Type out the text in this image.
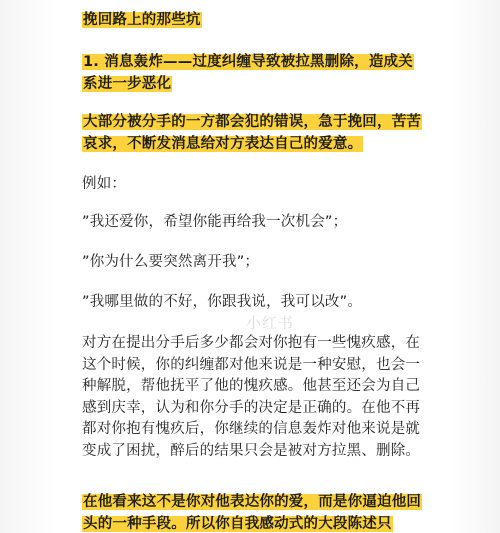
挽回路上的那些坑

1. 消息轰炸——过度纠缠导致被拉黑删除，造成关系进一步恶化

大部分被分手的一方都会犯的错误，急于挽回，苦苦哀求，不断发消息给对方表达自己的爱意。

例如：

”我还爱你，希望你能再给我一次机会”；

”你为什么要突然离开我”；

”我哪里做的不好，你跟我说，我可以改”。

对方在提出分手后多少都会对你抱有一些愧疚感，在这个时候，你的纠缠都对他来说是一种安慰，也会一种解脱，帮他抚平了他的愧疚感。他甚至还会为自己感到庆幸，认为和你分手的决定是正确的。在他不再都对你抱有愧疚后，你继续的信息轰炸对他来说是就变成了困扰，醉后的结果只会是被对方拉黑、删除。

在他看来这不是你对他表达你的爱，而是你逼迫他回头的一种手段。所以你自我感动式的大段陈述只

小红书
